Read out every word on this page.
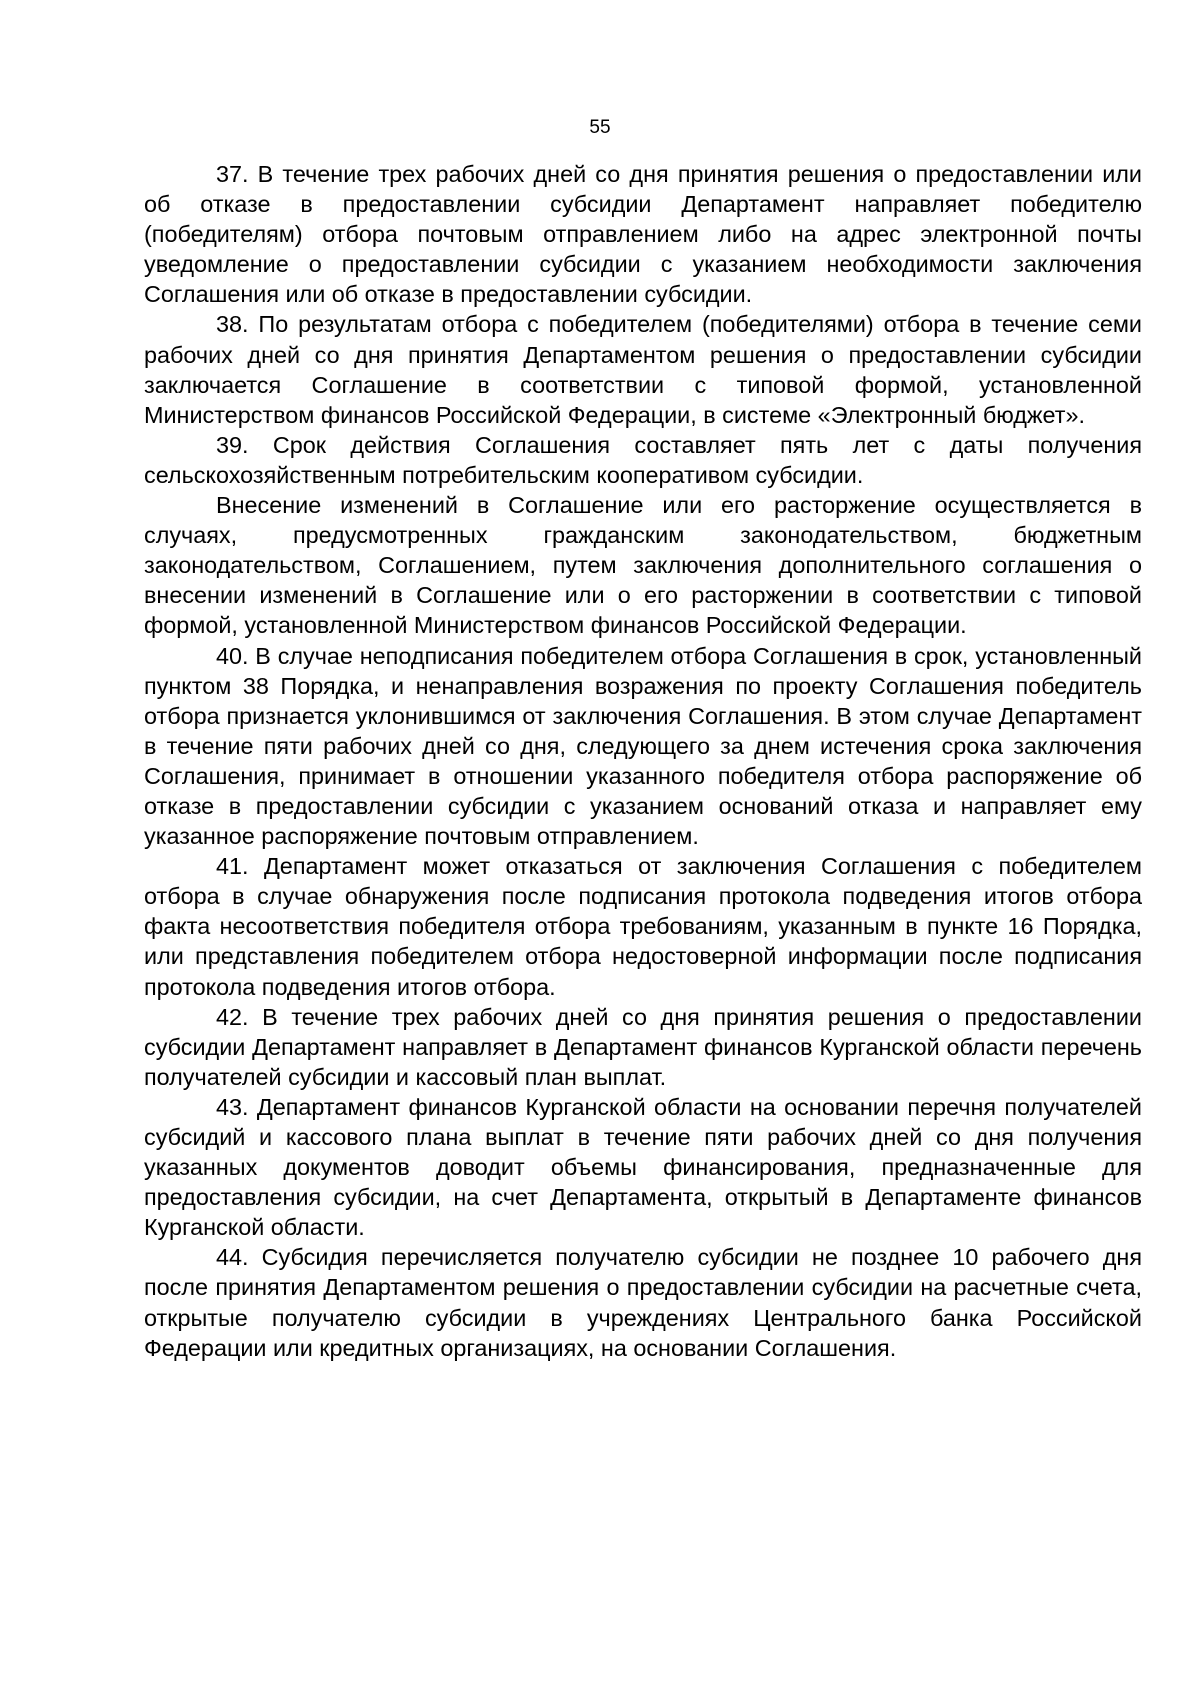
55

37. В течение трех рабочих дней со дня принятия решения о предоставлении или об отказе в предоставлении субсидии Департамент направляет победителю (победителям) отбора почтовым отправлением либо на адрес электронной почты уведомление о предоставлении субсидии с указанием необходимости заключения Соглашения или об отказе в предоставлении субсидии.

38. По результатам отбора с победителем (победителями) отбора в течение семи рабочих дней со дня принятия Департаментом решения о предоставлении субсидии заключается Соглашение в соответствии с типовой формой, установленной Министерством финансов Российской Федерации, в системе «Электронный бюджет».

39. Срок действия Соглашения составляет пять лет с даты получения сельскохозяйственным потребительским кооперативом субсидии.

Внесение изменений в Соглашение или его расторжение осуществляется в случаях, предусмотренных гражданским законодательством, бюджетным законодательством, Соглашением, путем заключения дополнительного соглашения о внесении изменений в Соглашение или о его расторжении в соответствии с типовой формой, установленной Министерством финансов Российской Федерации.

40. В случае неподписания победителем отбора Соглашения в срок, установленный пунктом 38 Порядка, и ненаправления возражения по проекту Соглашения победитель отбора признается уклонившимся от заключения Соглашения. В этом случае Департамент в течение пяти рабочих дней со дня, следующего за днем истечения срока заключения Соглашения, принимает в отношении указанного победителя отбора распоряжение об отказе в предоставлении субсидии с указанием оснований отказа и направляет ему указанное распоряжение почтовым отправлением.

41. Департамент может отказаться от заключения Соглашения с победителем отбора в случае обнаружения после подписания протокола подведения итогов отбора факта несоответствия победителя отбора требованиям, указанным в пункте 16 Порядка, или представления победителем отбора недостоверной информации после подписания протокола подведения итогов отбора.

42. В течение трех рабочих дней со дня принятия решения о предоставлении субсидии Департамент направляет в Департамент финансов Курганской области перечень получателей субсидии и кассовый план выплат.

43. Департамент финансов Курганской области на основании перечня получателей субсидий и кассового плана выплат в течение пяти рабочих дней со дня получения указанных документов доводит объемы финансирования, предназначенные для предоставления субсидии, на счет Департамента, открытый в Департаменте финансов Курганской области.

44. Субсидия перечисляется получателю субсидии не позднее 10 рабочего дня после принятия Департаментом решения о предоставлении субсидии на расчетные счета, открытые получателю субсидии в учреждениях Центрального банка Российской Федерации или кредитных организациях, на основании Соглашения.
